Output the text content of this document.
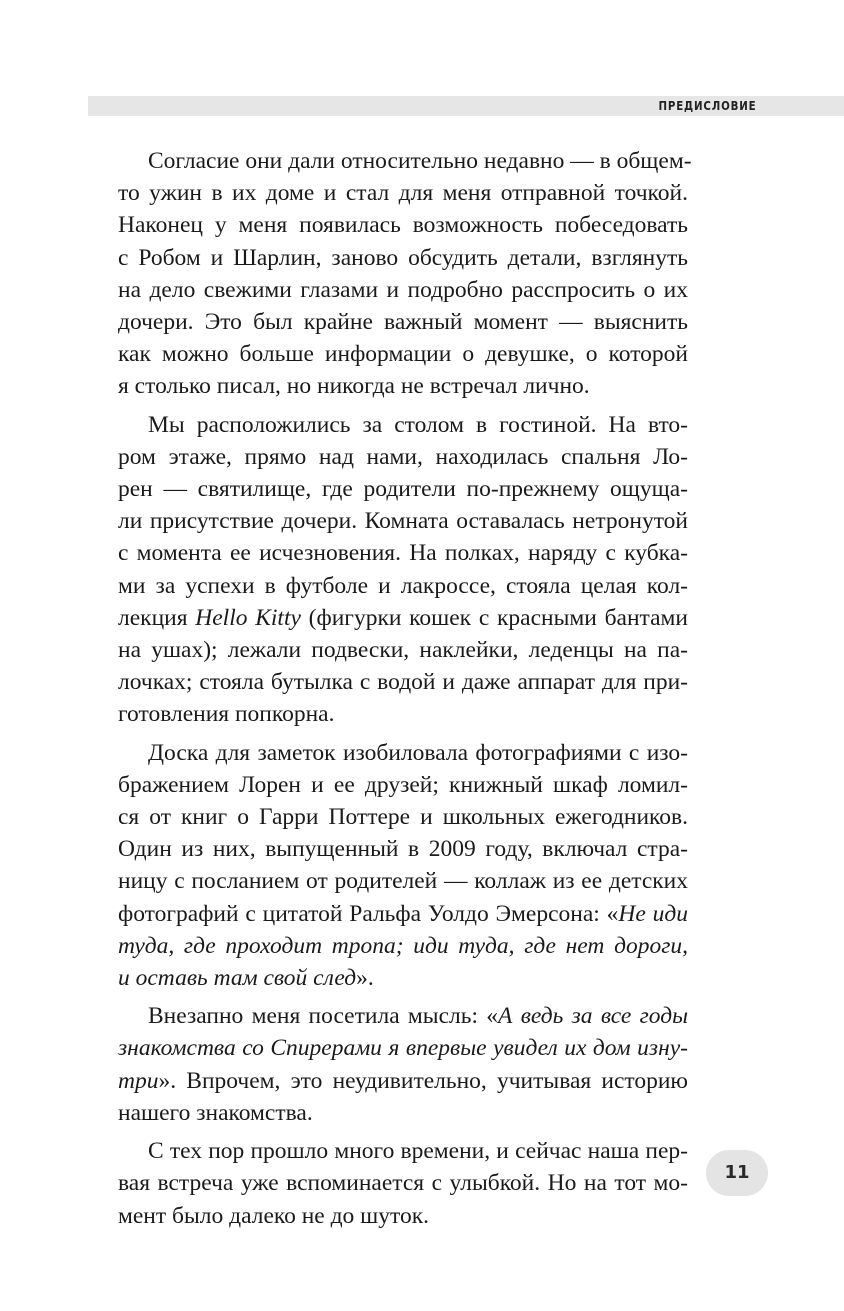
ПРЕДИСЛОВИЕ
Согласие они дали относительно недавно — в общем-
то ужин в их доме и стал для меня отправной точкой.
Наконец у меня появилась возможность побеседовать
с Робом и Шарлин, заново обсудить детали, взглянуть
на дело свежими глазами и подробно расспросить о их
дочери. Это был крайне важный момент — выяснить
как можно больше информации о девушке, о которой
я столько писал, но никогда не встречал лично.
Мы расположились за столом в гостиной. На вто-
ром этаже, прямо над нами, находилась спальня Ло-
рен — святилище, где родители по-прежнему ощуща-
ли присутствие дочери. Комната оставалась нетронутой
с момента ее исчезновения. На полках, наряду с кубка-
ми за успехи в футболе и лакроссе, стояла целая кол-
лекция Hello Kitty (фигурки кошек с красными бантами
на ушах); лежали подвески, наклейки, леденцы на па-
лочках; стояла бутылка с водой и даже аппарат для при-
готовления попкорна.
Доска для заметок изобиловала фотографиями с изо-
бражением Лорен и ее друзей; книжный шкаф ломил-
ся от книг о Гарри Поттере и школьных ежегодников.
Один из них, выпущенный в 2009 году, включал стра-
ницу с посланием от родителей — коллаж из ее детских
фотографий с цитатой Ральфа Уолдо Эмерсона: «Не иди
туда, где проходит тропа; иди туда, где нет дороги,
и оставь там свой след».
Внезапно меня посетила мысль: «А ведь за все годы
знакомства со Спирерами я впервые увидел их дом изну-
три». Впрочем, это неудивительно, учитывая историю
нашего знакомства.
С тех пор прошло много времени, и сейчас наша пер-
вая встреча уже вспоминается с улыбкой. Но на тот мо-
мент было далеко не до шуток.
11
